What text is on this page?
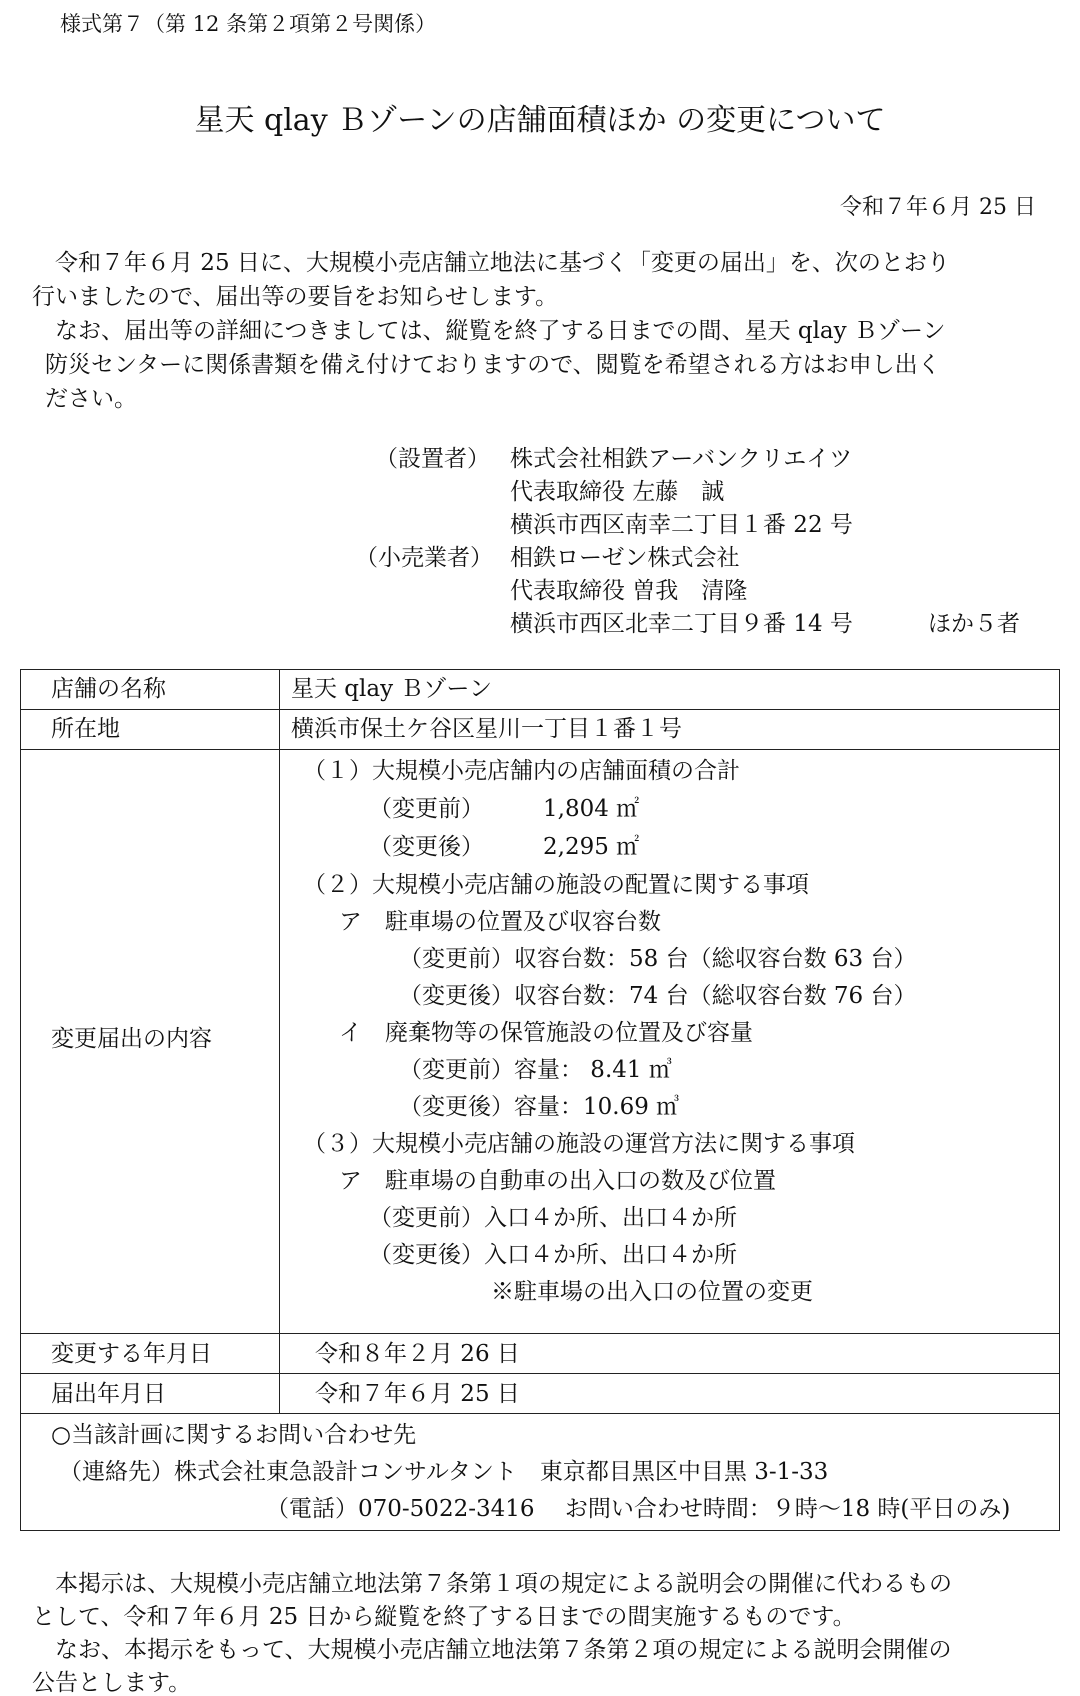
様式第７（第 12 条第２項第２号関係）
星天 qlay Ｂゾーンの店舗面積ほか の変更について
令和７年６月 25 日
　令和７年６月 25 日に、大規模小売店舗立地法に基づく「変更の届出」を、次のとおり
行いましたので、届出等の要旨をお知らせします。
　なお、届出等の詳細につきましては、縦覧を終了する日までの間、星天 qlay Ｂゾーン
防災センターに関係書類を備え付けておりますので、閲覧を希望される方はお申し出く
ださい。
（設置者） 株式会社相鉄アーバンクリエイツ
代表取締役 左藤　誠
横浜市西区南幸二丁目１番 22 号
（小売業者） 相鉄ローゼン株式会社
代表取締役 曽我　清隆
横浜市西区北幸二丁目９番 14 号	ほか５者
店舗の名称	星天 qlay Ｂゾーン
所在地	横浜市保土ケ谷区星川一丁目１番１号
変更届出の内容
（１）大規模小売店舗内の店舗面積の合計
（変更前）	1,804 ㎡
（変更後）	2,295 ㎡
（２）大規模小売店舗の施設の配置に関する事項
ア　駐車場の位置及び収容台数
（変更前）収容台数：58 台（総収容台数 63 台）
（変更後）収容台数：74 台（総収容台数 76 台）
イ　廃棄物等の保管施設の位置及び容量
（変更前）容量： 8.41 ㎥
（変更後）容量：10.69 ㎥
（３）大規模小売店舗の施設の運営方法に関する事項
ア　駐車場の自動車の出入口の数及び位置
（変更前）入口４か所、出口４か所
（変更後）入口４か所、出口４か所
※駐車場の出入口の位置の変更
変更する年月日	令和８年２月 26 日
届出年月日	令和７年６月 25 日
○当該計画に関するお問い合わせ先
（連絡先）株式会社東急設計コンサルタント　東京都目黒区中目黒 3-1-33
（電話）070-5022-3416　 お問い合わせ時間：９時～18 時(平日のみ)
　本掲示は、大規模小売店舗立地法第７条第１項の規定による説明会の開催に代わるもの
として、令和７年６月 25 日から縦覧を終了する日までの間実施するものです。
　なお、本掲示をもって、大規模小売店舗立地法第７条第２項の規定による説明会開催の
公告とします。
